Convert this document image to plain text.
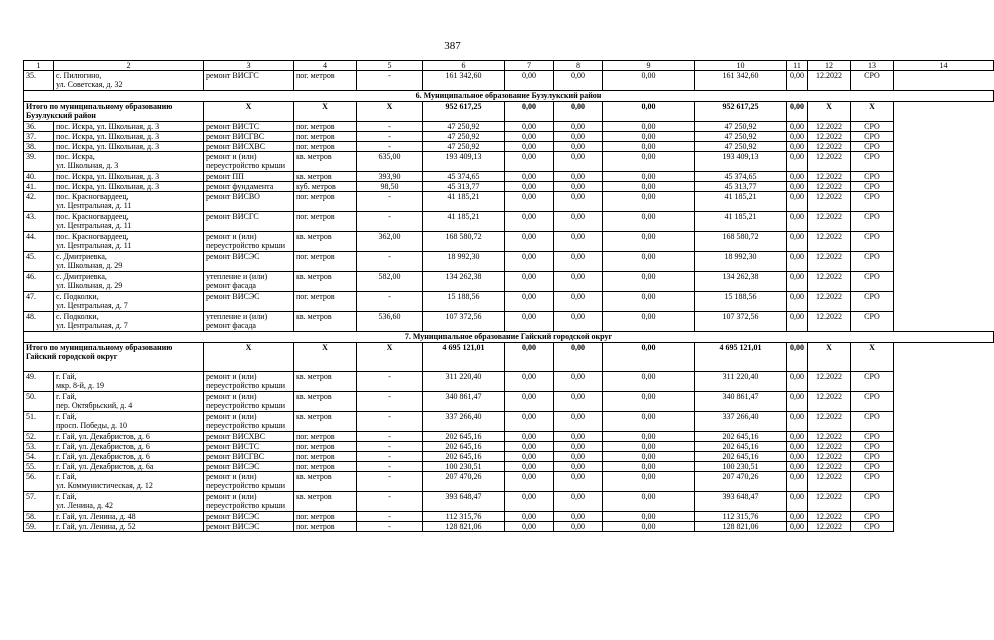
387
1	2	3	4	5	6	7	8	9	10	11	12	13	14
35.	с. Пилюгино,
ул. Советская, д. 32	ремонт ВИСГС	пог. метров	-	161 342,60	0,00	0,00	0,00	161 342,60	0,00	12.2022	СРО	
6. Муниципальное образование Бузулукский район													
Итого по муниципальному образованию Бузулукский район		X	X	X	952 617,25	0,00	0,00	0,00	952 617,25	0,00	X	X	
36.	пос. Искра, ул. Школьная, д. 3	ремонт ВИСТС	пог. метров	-	47 250,92	0,00	0,00	0,00	47 250,92	0,00	12.2022	СРО	
37.	пос. Искра, ул. Школьная, д. 3	ремонт ВИСГВС	пог. метров	-	47 250,92	0,00	0,00	0,00	47 250,92	0,00	12.2022	СРО	
38.	пос. Искра, ул. Школьная, д. 3	ремонт ВИСХВС	пог. метров	-	47 250,92	0,00	0,00	0,00	47 250,92	0,00	12.2022	СРО	
39.	пос. Искра,
ул. Школьная, д. 3	ремонт и (или)
переустройство крыши	кв. метров	635,00	193 409,13	0,00	0,00	0,00	193 409,13	0,00	12.2022	СРО	
40.	пос. Искра, ул. Школьная, д. 3	ремонт ПП	кв. метров	393,90	45 374,65	0,00	0,00	0,00	45 374,65	0,00	12.2022	СРО	
41.	пос. Искра, ул. Школьная, д. 3	ремонт фундамента	куб. метров	98,50	45 313,77	0,00	0,00	0,00	45 313,77	0,00	12.2022	СРО	
42.	пос. Красногвардеец,
ул. Центральная, д. 11	ремонт ВИСВО	пог. метров	-	41 185,21	0,00	0,00	0,00	41 185,21	0,00	12.2022	СРО	
43.	пос. Красногвардеец,
ул. Центральная, д. 11	ремонт ВИСГС	пог. метров	-	41 185,21	0,00	0,00	0,00	41 185,21	0,00	12.2022	СРО	
44.	пос. Красногвардеец,
ул. Центральная, д. 11	ремонт и (или)
переустройство крыши	кв. метров	362,00	168 580,72	0,00	0,00	0,00	168 580,72	0,00	12.2022	СРО	
45.	с. Дмитриевка,
ул. Школьная, д. 29	ремонт ВИСЭС	пог. метров	-	18 992,30	0,00	0,00	0,00	18 992,30	0,00	12.2022	СРО	
46.	с. Дмитриевка,
ул. Школьная, д. 29	утепление и (или)
ремонт фасада	кв. метров	582,00	134 262,38	0,00	0,00	0,00	134 262,38	0,00	12.2022	СРО	
47.	с. Подколки,
ул. Центральная, д. 7	ремонт ВИСЭС	пог. метров	-	15 188,56	0,00	0,00	0,00	15 188,56	0,00	12.2022	СРО	
48.	с. Подколки,
ул. Центральная, д. 7	утепление и (или)
ремонт фасада	кв. метров	536,60	107 372,56	0,00	0,00	0,00	107 372,56	0,00	12.2022	СРО	
7. Муниципальное образование Гайский городской округ													
Итого по муниципальному образованию Гайский городской округ		X	X	X	4 695 121,01	0,00	0,00	0,00	4 695 121,01	0,00	X	X	
49.	г. Гай,
мкр. 8-й, д. 19	ремонт и (или)
переустройство крыши	кв. метров	-	311 220,40	0,00	0,00	0,00	311 220,40	0,00	12.2022	СРО	
50.	г. Гай,
пер. Октябрьский, д. 4	ремонт и (или)
переустройство крыши	кв. метров	-	340 861,47	0,00	0,00	0,00	340 861,47	0,00	12.2022	СРО	
51.	г. Гай,
просп. Победы, д. 10	ремонт и (или)
переустройство крыши	кв. метров	-	337 266,40	0,00	0,00	0,00	337 266,40	0,00	12.2022	СРО	
52.	г. Гай, ул. Декабристов, д. 6	ремонт ВИСХВС	пог. метров	-	202 645,16	0,00	0,00	0,00	202 645,16	0,00	12.2022	СРО	
53.	г. Гай, ул. Декабристов, д. 6	ремонт ВИСТС	пог. метров	-	202 645,16	0,00	0,00	0,00	202 645,16	0,00	12.2022	СРО	
54.	г. Гай, ул. Декабристов, д. 6	ремонт ВИСГВС	пог. метров	-	202 645,16	0,00	0,00	0,00	202 645,16	0,00	12.2022	СРО	
55.	г. Гай, ул. Декабристов, д. 6а	ремонт ВИСЭС	пог. метров	-	100 230,51	0,00	0,00	0,00	100 230,51	0,00	12.2022	СРО	
56.	г. Гай,
ул. Коммунистическая, д. 12	ремонт и (или)
переустройство крыши	кв. метров	-	207 470,26	0,00	0,00	0,00	207 470,26	0,00	12.2022	СРО	
57.	г. Гай,
ул. Ленина, д. 42	ремонт и (или)
переустройство крыши	кв. метров	-	393 648,47	0,00	0,00	0,00	393 648,47	0,00	12.2022	СРО	
58.	г. Гай, ул. Ленина, д. 48	ремонт ВИСЭС	пог. метров	-	112 315,76	0,00	0,00	0,00	112 315,76	0,00	12.2022	СРО	
59.	г. Гай, ул. Ленина, д. 52	ремонт ВИСЭС	пог. метров	-	128 821,06	0,00	0,00	0,00	128 821,06	0,00	12.2022	СРО	
